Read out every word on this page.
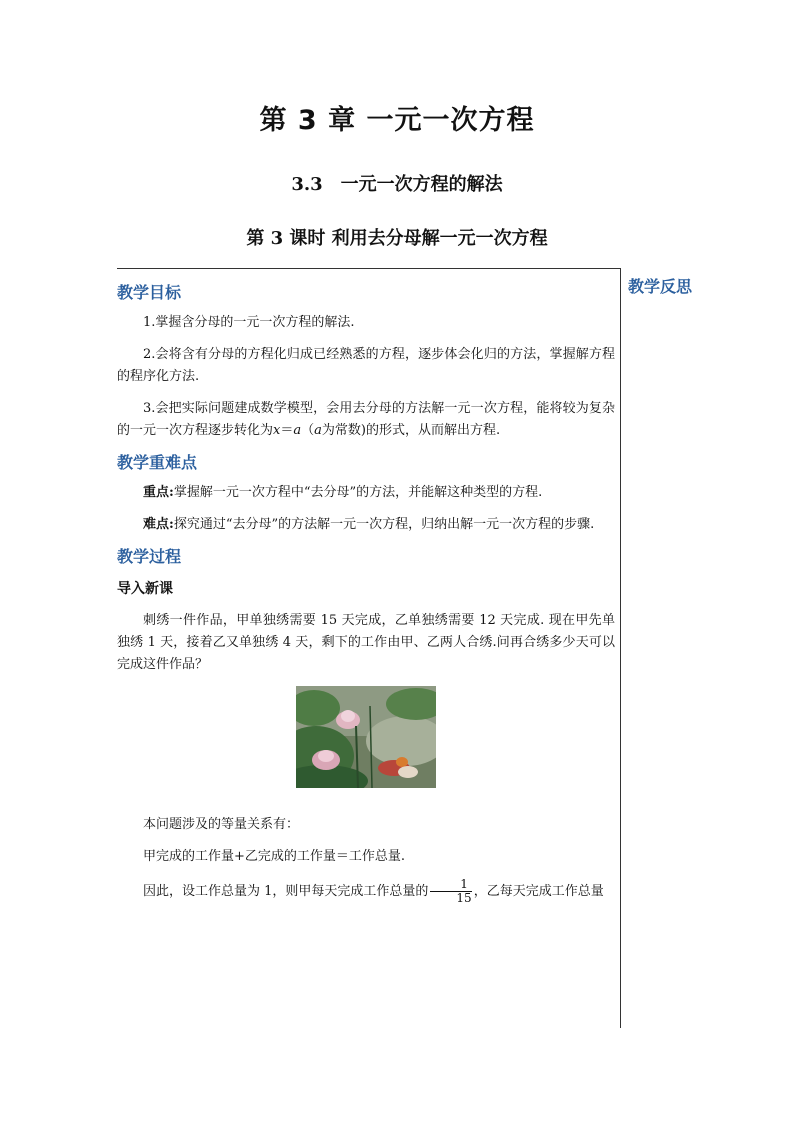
第 3 章 一元一次方程
3.3　一元一次方程的解法
第 3 课时 利用去分母解一元一次方程
教学反思
教学目标

1.掌握含分母的一元一次方程的解法.

2.会将含有分母的方程化归成已经熟悉的方程，逐步体会化归的方法，掌握解方程的程序化方法.

3.会把实际问题建成数学模型，会用去分母的方法解一元一次方程，能将较为复杂的一元一次方程逐步转化为x＝a（a为常数)的形式，从而解出方程.

教学重难点

重点:掌握解一元一次方程中“去分母”的方法，并能解这种类型的方程.

难点:探究通过“去分母”的方法解一元一次方程，归纳出解一元一次方程的步骤.

教学过程
导入新课

刺绣一件作品，甲单独绣需要 15 天完成，乙单独绣需要 12 天完成. 现在甲先单独绣 1 天，接着乙又单独绣 4 天，剩下的工作由甲、乙两人合绣.问再合绣多少天可以完成这件作品？

本问题涉及的等量关系有：

甲完成的工作量+乙完成的工作量＝工作总量.

因此，设工作总量为 1，则甲每天完成工作总量的 $\frac{1}{15}$ ，乙每天完成工作总量
